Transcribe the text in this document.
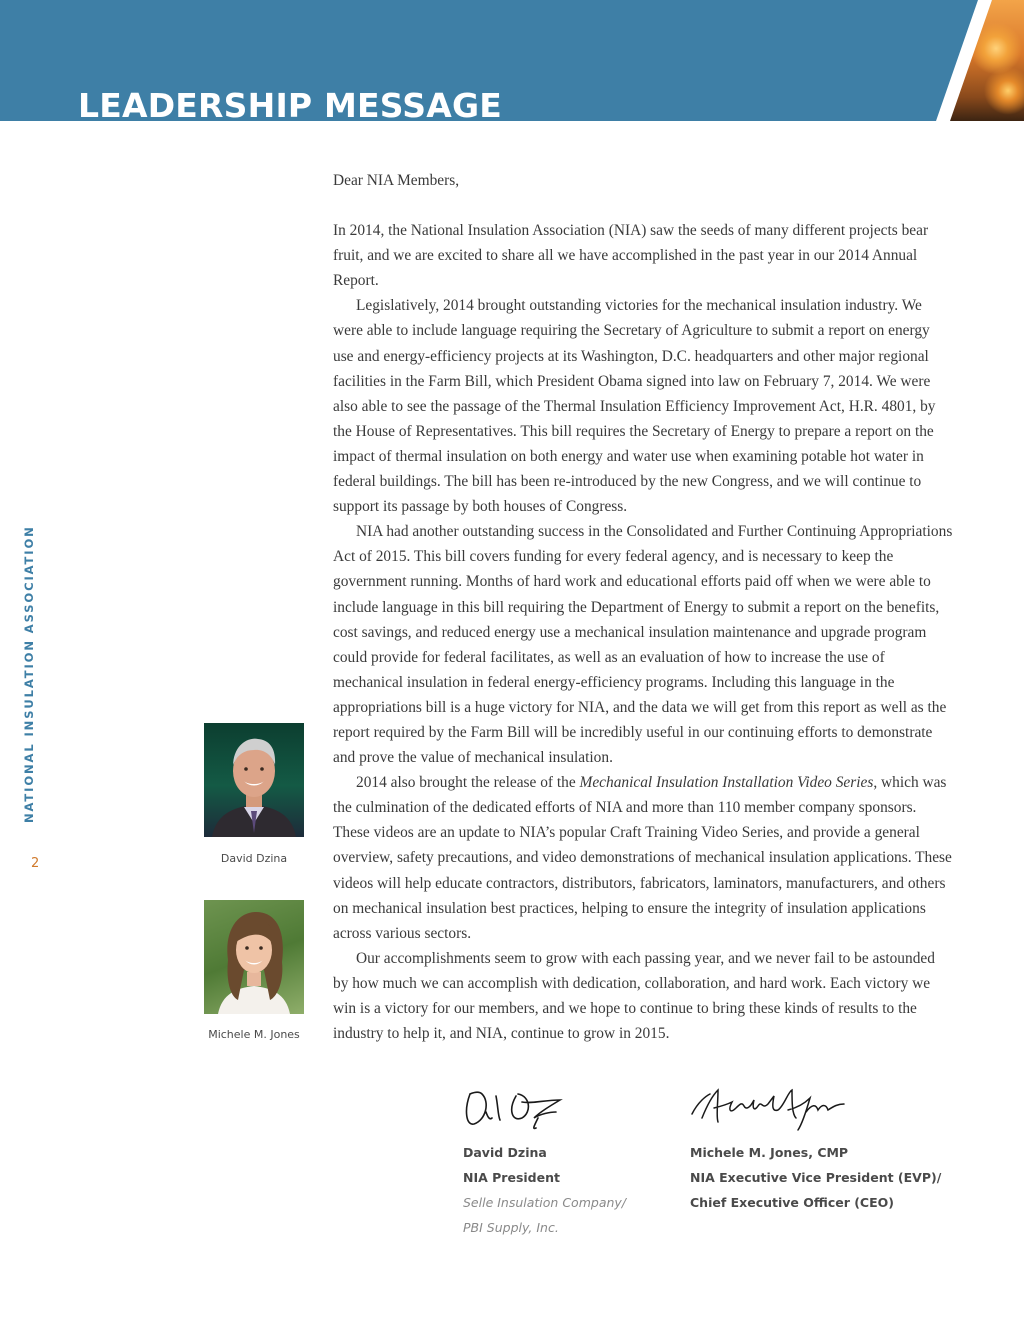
LEADERSHIP MESSAGE
NATIONAL INSULATION ASSOCIATION
2	David Dzina
Michele M. Jones

Dear NIA Members,

In 2014, the National Insulation Association (NIA) saw the seeds of many different projects bear fruit, and we are excited to share all we have accomplished in the past year in our 2014 Annual Report.

Legislatively, 2014 brought outstanding victories for the mechanical insulation industry. We were able to include language requiring the Secretary of Agriculture to submit a report on energy use and energy-efficiency projects at its Washington, D.C. headquarters and other major regional facilities in the Farm Bill, which President Obama signed into law on February 7, 2014. We were also able to see the passage of the Thermal Insulation Efficiency Improvement Act, H.R. 4801, by the House of Representatives. This bill requires the Secretary of Energy to prepare a report on the impact of thermal insulation on both energy and water use when examining potable hot water in federal buildings. The bill has been re-introduced by the new Congress, and we will continue to support its passage by both houses of Congress.

NIA had another outstanding success in the Consolidated and Further Continuing Appropriations Act of 2015. This bill covers funding for every federal agency, and is necessary to keep the government running. Months of hard work and educational efforts paid off when we were able to include language in this bill requiring the Department of Energy to submit a report on the benefits, cost savings, and reduced energy use a mechanical insulation maintenance and upgrade program could provide for federal facilitates, as well as an evaluation of how to increase the use of mechanical insulation in federal energy-efficiency programs. Including this language in the appropriations bill is a huge victory for NIA, and the data we will get from this report as well as the report required by the Farm Bill will be incredibly useful in our continuing efforts to demonstrate and prove the value of mechanical insulation.

2014 also brought the release of the Mechanical Insulation Installation Video Series, which was the culmination of the dedicated efforts of NIA and more than 110 member company sponsors. These videos are an update to NIA’s popular Craft Training Video Series, and provide a general overview, safety precautions, and video demonstrations of mechanical insulation applications. These videos will help educate contractors, distributors, fabricators, laminators, manufacturers, and others on mechanical insulation best practices, helping to ensure the integrity of insulation applications across various sectors.

Our accomplishments seem to grow with each passing year, and we never fail to be astounded by how much we can accomplish with dedication, collaboration, and hard work. Each victory we win is a victory for our members, and we hope to continue to bring these kinds of results to the industry to help it, and NIA, continue to grow in 2015.

David Dzina
NIA President
Selle Insulation Company/
PBI Supply, Inc.
Michele M. Jones, CMP
NIA Executive Vice President (EVP)/
Chief Executive Officer (CEO)
